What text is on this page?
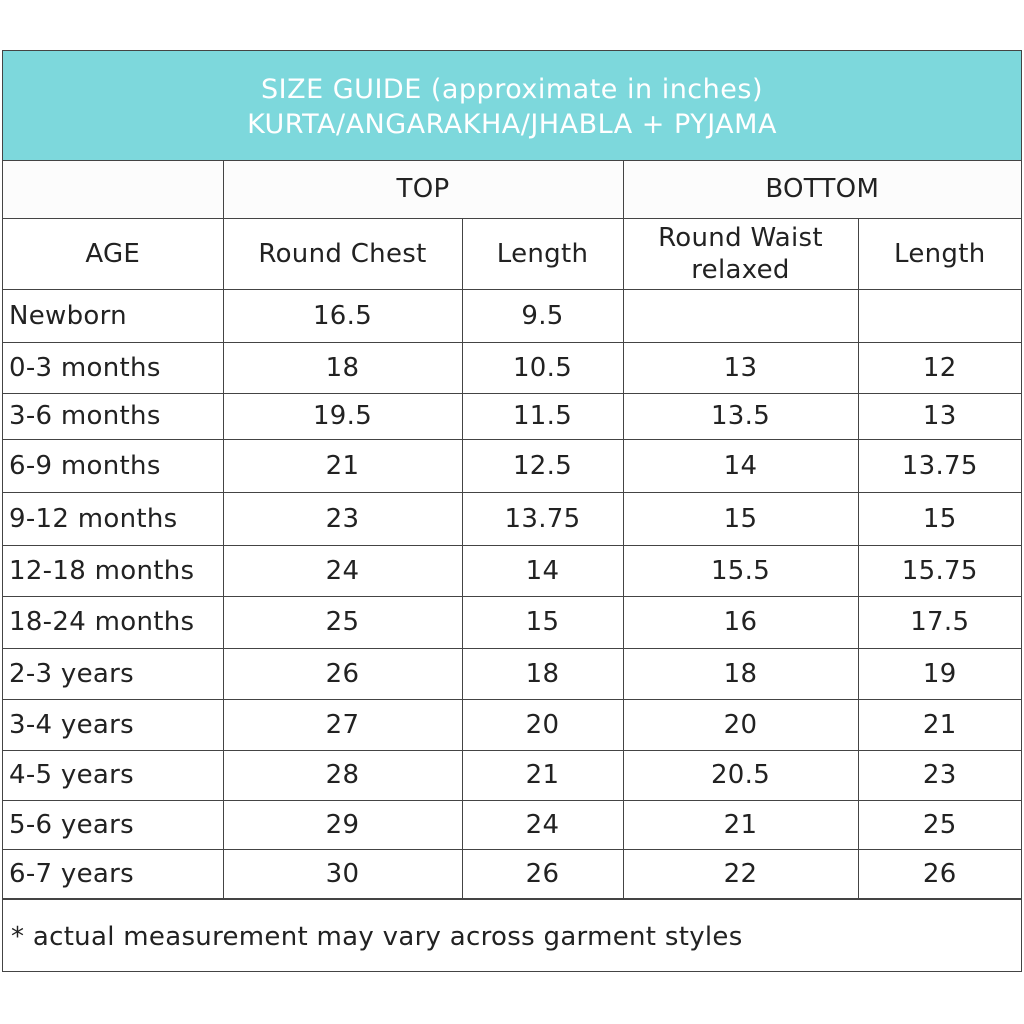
SIZE GUIDE (approximate in inches)
KURTA/ANGARAKHA/JHABLA + PYJAMA
	TOP		BOTTOM	
AGE	Round Chest	Length	Round Waist relaxed	Length
Newborn	16.5	9.5		
0-3 months	18	10.5	13	12
3-6 months	19.5	11.5	13.5	13
6-9 months	21	12.5	14	13.75
9-12 months	23	13.75	15	15
12-18 months	24	14	15.5	15.75
18-24 months	25	15	16	17.5
2-3 years	26	18	18	19
3-4 years	27	20	20	21
4-5 years	28	21	20.5	23
5-6 years	29	24	21	25
6-7 years	30	26	22	26
* actual measurement may vary across garment styles
